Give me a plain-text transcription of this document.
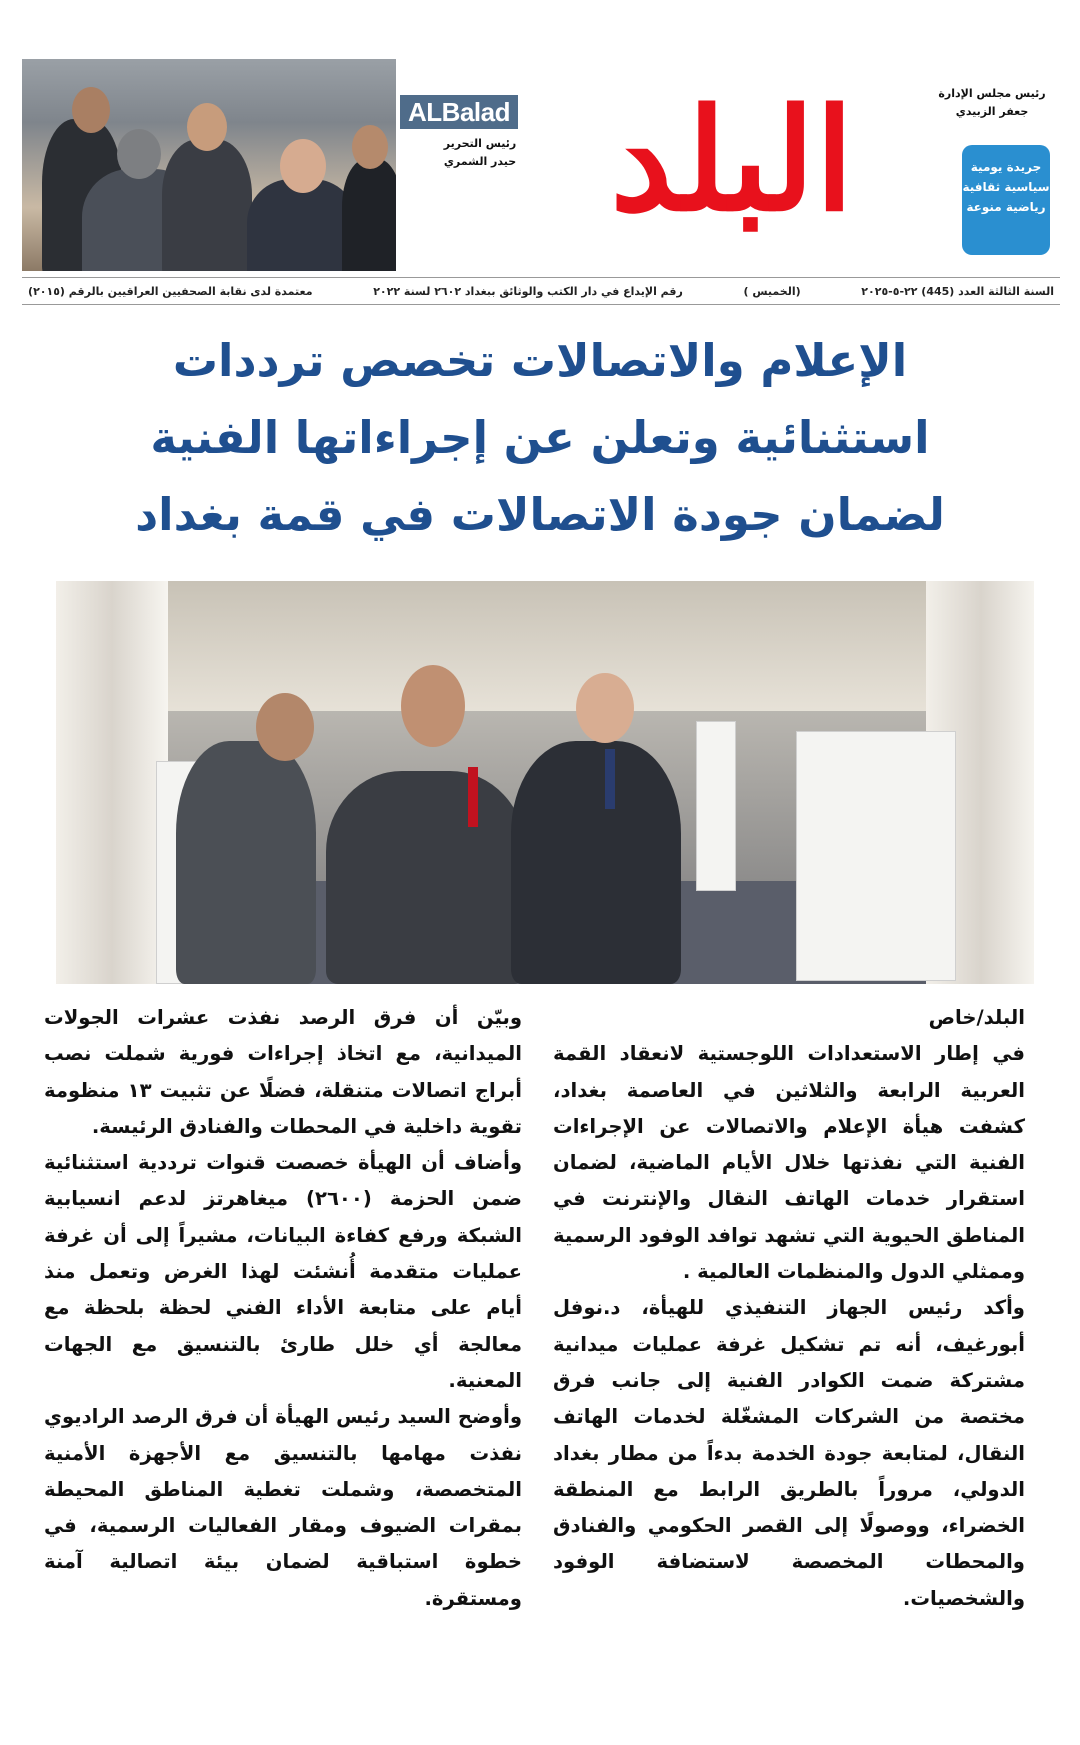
ALBalad
رئيس التحرير
حيدر الشمري البلد	رئيس مجلس الإدارة
جعفر الزبيدي
جريدة يومية
سياسية ثقافية
رياضية منوعة
السنة الثالثة العدد (445) ٢٢-٥-٢٠٢٥
(الخميس )
رقم الإيداع في دار الكتب والوثائق ببغداد ٢٦٠٢ لسنة ٢٠٢٢
معتمدة لدى نقابة الصحفيين العراقيين بالرقم (٢٠١٥)
الإعلام والاتصالات تخصص ترددات
استثنائية وتعلن عن إجراءاتها الفنية
لضمان جودة الاتصالات في قمة بغداد

البلد/خاص

في إطار الاستعدادات اللوجستية لانعقاد القمة العربية الرابعة والثلاثين في العاصمة بغداد، كشفت هيأة الإعلام والاتصالات عن الإجراءات الفنية التي نفذتها خلال الأيام الماضية، لضمان استقرار خدمات الهاتف النقال والإنترنت في المناطق الحيوية التي تشهد توافد الوفود الرسمية وممثلي الدول والمنظمات العالمية .

وأكد رئيس الجهاز التنفيذي للهيأة، د.نوفل أبورغيف، أنه تم تشكيل غرفة عمليات ميدانية مشتركة ضمت الكوادر الفنية إلى جانب فرق مختصة من الشركات المشغّلة لخدمات الهاتف النقال، لمتابعة جودة الخدمة بدءاً من مطار بغداد الدولي، مروراً بالطريق الرابط مع المنطقة الخضراء، ووصولًا إلى القصر الحكومي والفنادق والمحطات المخصصة لاستضافة الوفود والشخصيات.

وبيّن أن فرق الرصد نفذت عشرات الجولات الميدانية، مع اتخاذ إجراءات فورية شملت نصب أبراج اتصالات متنقلة، فضلًا عن تثبيت ١٣ منظومة تقوية داخلية في المحطات والفنادق الرئيسة.

وأضاف أن الهيأة خصصت قنوات ترددية استثنائية ضمن الحزمة (٢٦٠٠) ميغاهرتز لدعم انسيابية الشبكة ورفع كفاءة البيانات، مشيراً إلى أن غرفة عمليات متقدمة أُنشئت لهذا الغرض وتعمل منذ أيام على متابعة الأداء الفني لحظة بلحظة مع معالجة أي خلل طارئ بالتنسيق مع الجهات المعنية.

وأوضح السيد رئيس الهيأة أن فرق الرصد الراديوي نفذت مهامها بالتنسيق مع الأجهزة الأمنية المتخصصة، وشملت تغطية المناطق المحيطة بمقرات الضيوف ومقار الفعاليات الرسمية، في خطوة استباقية لضمان بيئة اتصالية آمنة ومستقرة.
